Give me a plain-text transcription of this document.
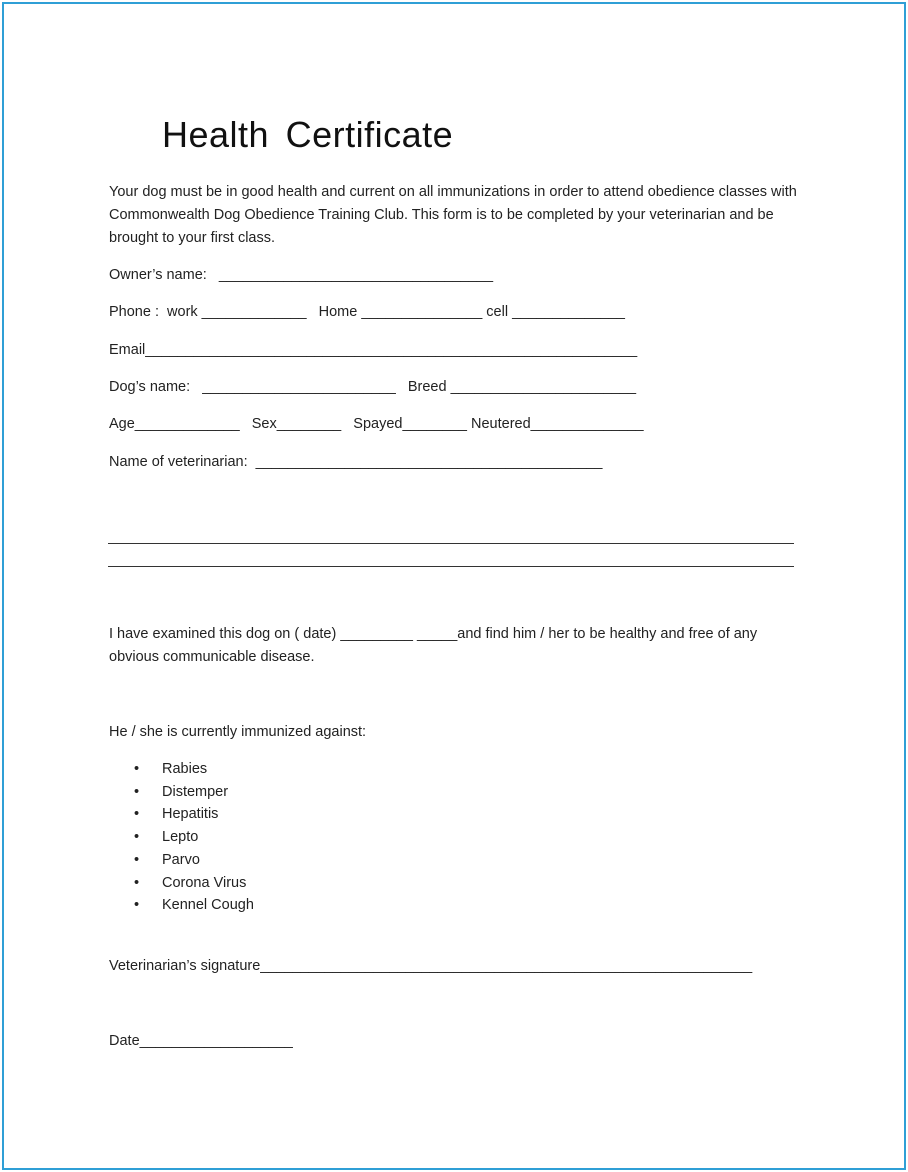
Health Certificate
Your dog must be in good health and current on all immunizations in order to attend obedience classes with Commonwealth Dog Obedience Training Club. This form is to be completed by your veterinarian and be brought to your first class.
Owner’s name:   __________________________________
Phone :  work _____________   Home _______________ cell ______________
Email_____________________________________________________________
Dog’s name:   ________________________   Breed _______________________
Age_____________   Sex________   Spayed________ Neutered______________
Name of veterinarian:  ___________________________________________
I have examined this dog on ( date) _________ _____and find him / her to be healthy and free of any obvious communicable disease.
He / she is currently immunized against:
• Rabies
• Distemper
• Hepatitis
• Lepto
• Parvo
• Corona Virus
• Kennel Cough
Veterinarian’s signature_____________________________________________________________
Date___________________
